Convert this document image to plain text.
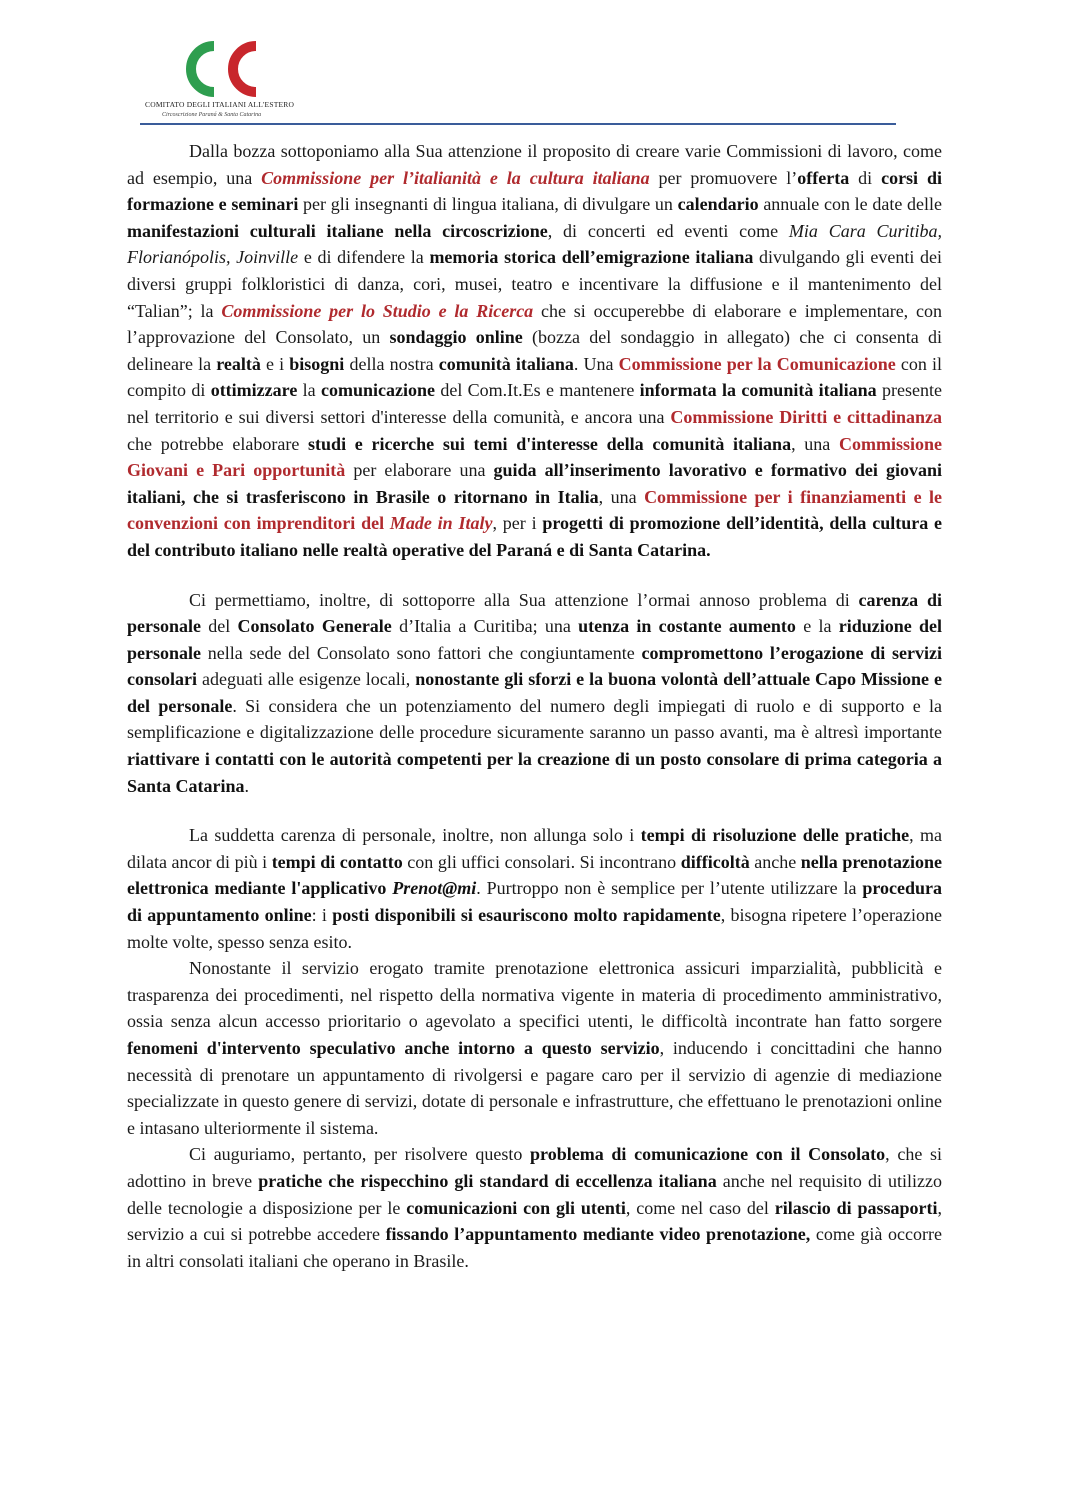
COMITATO DEGLI ITALIANI ALL'ESTERO
Circoscrizione Paraná & Santa Catarina

Dalla bozza sottoponiamo alla Sua attenzione il proposito di creare varie Commissioni di lavoro, come ad esempio, una Commissione per l’italianità e la cultura italiana per promuovere l’offerta di corsi di formazione e seminari per gli insegnanti di lingua italiana, di divulgare un calendario annuale con le date delle manifestazioni culturali italiane nella circoscrizione, di concerti ed eventi come Mia Cara Curitiba, Florianópolis, Joinville e di difendere la memoria storica dell’emigrazione italiana divulgando gli eventi dei diversi gruppi folkloristici di danza, cori, musei, teatro e incentivare la diffusione e il mantenimento del “Talian”; la Commissione per lo Studio e la Ricerca che si occuperebbe di elaborare e implementare, con l’approvazione del Consolato, un sondaggio online (bozza del sondaggio in allegato) che ci consenta di delineare la realtà e i bisogni della nostra comunità italiana. Una Commissione per la Comunicazione con il compito di ottimizzare la comunicazione del Com.It.Es e mantenere informata la comunità italiana presente nel territorio e sui diversi settori d'interesse della comunità, e ancora una Commissione Diritti e cittadinanza che potrebbe elaborare studi e ricerche sui temi d'interesse della comunità italiana, una Commissione Giovani e Pari opportunità per elaborare una guida all’inserimento lavorativo e formativo dei giovani italiani, che si trasferiscono in Brasile o ritornano in Italia, una Commissione per i finanziamenti e le convenzioni con imprenditori del Made in Italy, per i progetti di promozione dell’identità, della cultura e del contributo italiano nelle realtà operative del Paraná e di Santa Catarina.

Ci permettiamo, inoltre, di sottoporre alla Sua attenzione l’ormai annoso problema di carenza di personale del Consolato Generale d’Italia a Curitiba; una utenza in costante aumento e la riduzione del personale nella sede del Consolato sono fattori che congiuntamente compromettono l’erogazione di servizi consolari adeguati alle esigenze locali, nonostante gli sforzi e la buona volontà dell’attuale Capo Missione e del personale. Si considera che un potenziamento del numero degli impiegati di ruolo e di supporto e la semplificazione e digitalizzazione delle procedure sicuramente saranno un passo avanti, ma è altresì importante riattivare i contatti con le autorità competenti per la creazione di un posto consolare di prima categoria a Santa Catarina.

La suddetta carenza di personale, inoltre, non allunga solo i tempi di risoluzione delle pratiche, ma dilata ancor di più i tempi di contatto con gli uffici consolari. Si incontrano difficoltà anche nella prenotazione elettronica mediante l'applicativo Prenot@mi. Purtroppo non è semplice per l’utente utilizzare la procedura di appuntamento online: i posti disponibili si esauriscono molto rapidamente, bisogna ripetere l’operazione molte volte, spesso senza esito.

Nonostante il servizio erogato tramite prenotazione elettronica assicuri imparzialità, pubblicità e trasparenza dei procedimenti, nel rispetto della normativa vigente in materia di procedimento amministrativo, ossia senza alcun accesso prioritario o agevolato a specifici utenti, le difficoltà incontrate han fatto sorgere fenomeni d'intervento speculativo anche intorno a questo servizio, inducendo i concittadini che hanno necessità di prenotare un appuntamento di rivolgersi e pagare caro per il servizio di agenzie di mediazione specializzate in questo genere di servizi, dotate di personale e infrastrutture, che effettuano le prenotazioni online e intasano ulteriormente il sistema.

Ci auguriamo, pertanto, per risolvere questo problema di comunicazione con il Consolato, che si adottino in breve pratiche che rispecchino gli standard di eccellenza italiana anche nel requisito di utilizzo delle tecnologie a disposizione per le comunicazioni con gli utenti, come nel caso del rilascio di passaporti, servizio a cui si potrebbe accedere fissando l’appuntamento mediante video prenotazione, come già occorre in altri consolati italiani che operano in Brasile.
